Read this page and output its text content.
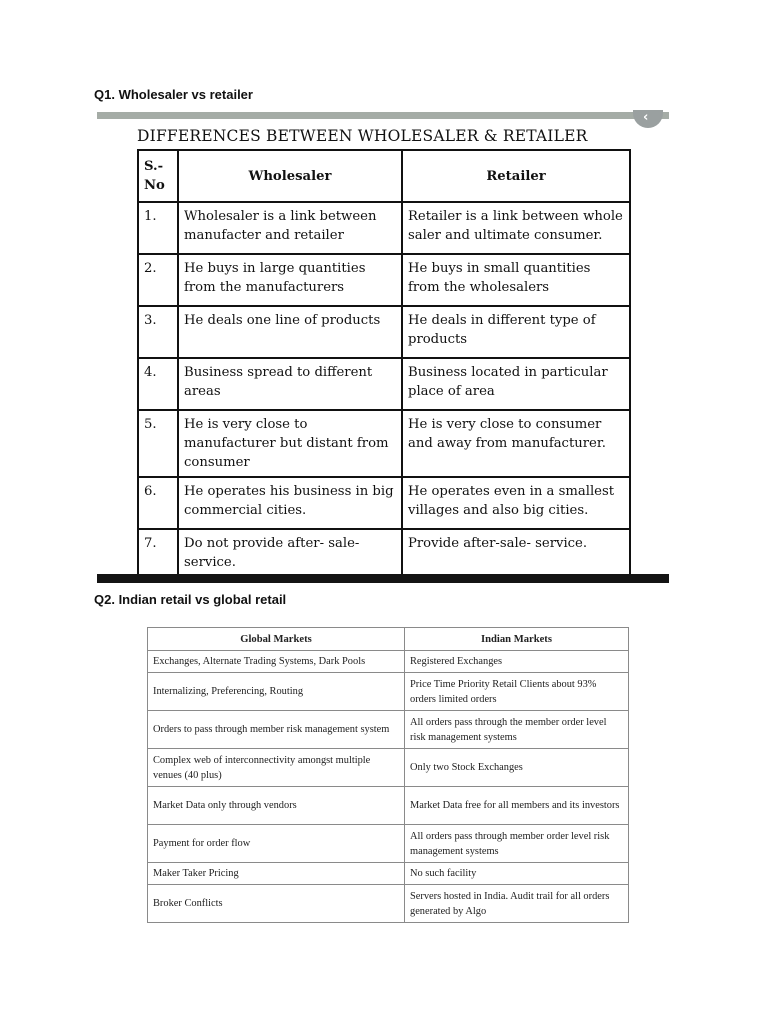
Q1. Wholesaler vs retailer
‹
DIFFERENCES BETWEEN WHOLESALER & RETAILER
S.-
No	Wholesaler	Retailer
1.	Wholesaler is a link between manufacter and retailer	Retailer is a link between whole saler and ultimate consumer.
2.	He buys in large quantities from the manufacturers	He buys in small quantities from the wholesalers
3.	He deals one line of products	He deals in different type of products
4.	Business spread to different areas	Business located in particular place of area
5.	He is very close to manufacturer but distant from consumer	He is very close to consumer and away from manufacturer.
6.	He operates his business in big commercial cities.	He operates even in a smallest villages and also big cities.
7.	Do not provide after- sale- service.	Provide after-sale- service.
Q2. Indian retail vs global retail
Global Markets	Indian Markets
Exchanges, Alternate Trading Systems, Dark Pools	Registered Exchanges
Internalizing, Preferencing, Routing	Price Time Priority Retail Clients about 93% orders limited orders
Orders to pass through member risk management system	All orders pass through the member order level risk management systems
Complex web of interconnectivity amongst multiple venues (40 plus)	Only two Stock Exchanges
Market Data only through vendors	Market Data free for all members and its investors
Payment for order flow	All orders pass through member order level risk management systems
Maker Taker Pricing	No such facility
Broker Conflicts	Servers hosted in India. Audit trail for all orders generated by Algo
